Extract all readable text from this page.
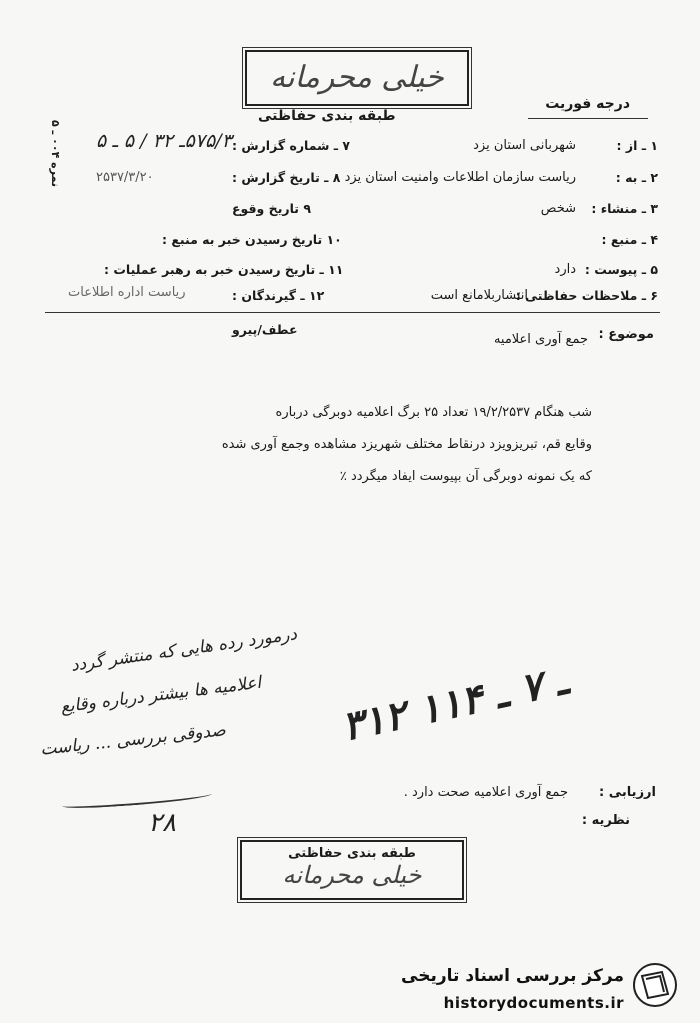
خیلی محرمانه
درجه فوریت
طبقه بندی حفاظتی
نمره ۰۰۴ ـ ۵
۱ ـ از :
شهربانی استان یزد
۲ ـ به :
ریاست سازمان اطلاعات وامنیت استان یزد
۳ ـ منشاء :
شخص
۴ ـ منبع :
۵ ـ پیوست :
دارد
۶ ـ ملاحظات حفاظتی :
انتشاربلامانع است
۷ ـ شماره گزارش :
۵۷۵/۳ـ ۳۲ / ۵ ـ ۵
۸ ـ تاریخ گزارش :
۲۵۳۷/۳/۲۰
۹ تاریخ وقوع
۱۰ تاریخ رسیدن خبر به منبع :
۱۱ ـ تاریخ رسیدن خبر به رهبر عملیات :
۱۲ ـ گیرندگان :
ریاست اداره اطلاعات
موضوع :
جمع آوری اعلامیه
عطف/پیرو
شب هنگام ۱۹/۲/۲۵۳۷ تعداد ۲۵ برگ اعلامیه دوبرگی درباره
وقایع قم، تبریزویزد درنقاط مختلف شهریزد مشاهده وجمع آوری شده
که یک نمونه دوبرگی آن بپیوست ایفاد میگردد ٪
درمورد رده هایی که منتشر گردد
اعلامیه ها بیشتر درباره وقایع
صدوقی بررسی ... ریاست
۲۸
۳۱۲ ـ ۷ ـ ۱۱۴
ارزیابی :
جمع آوری اعلامیه صحت دارد .
نظریه :
طبقه بندی حفاظتی
خیلی محرمانه
مرکز بررسی اسناد تاریخی
historydocuments.ir
